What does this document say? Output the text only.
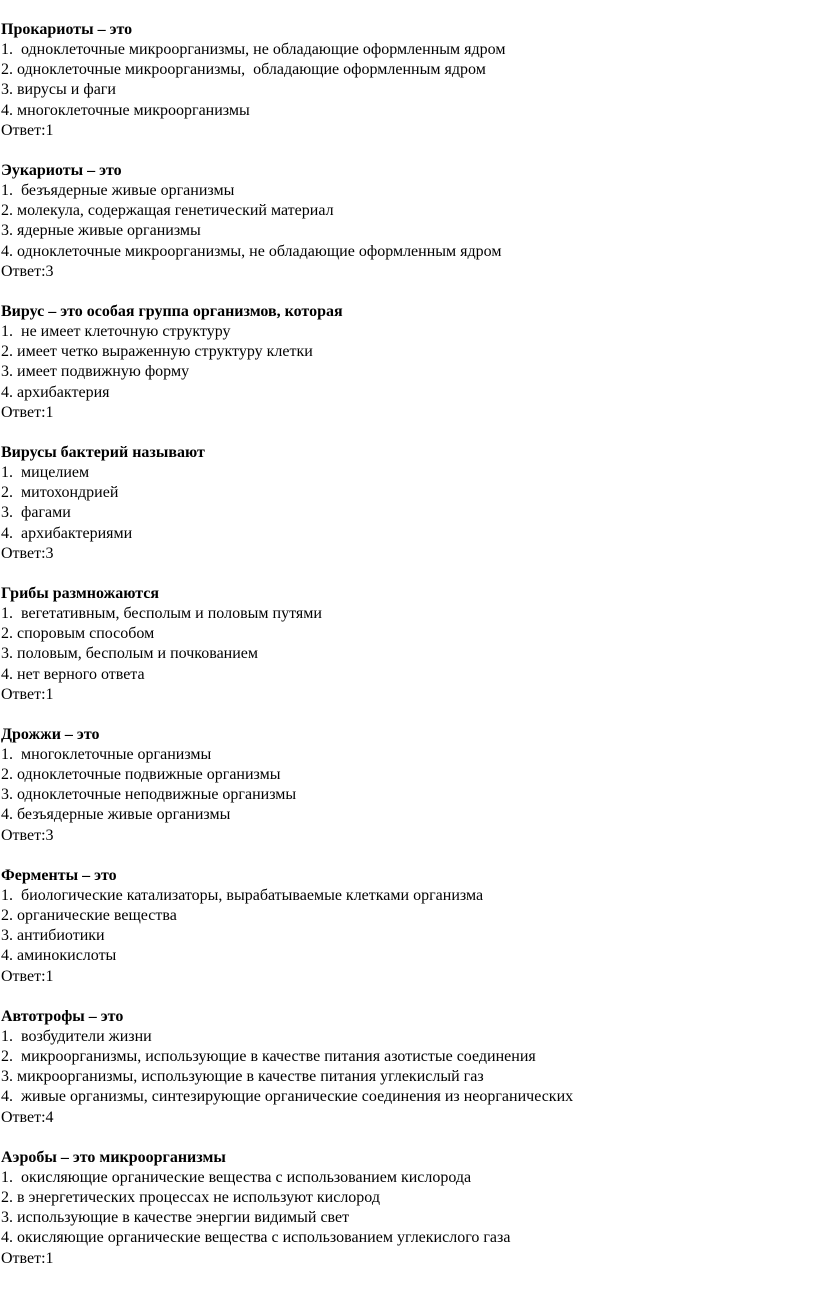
Прокариоты – это
1.  одноклеточные микроорганизмы, не обладающие оформленным ядром
2. одноклеточные микроорганизмы,  обладающие оформленным ядром
3. вирусы и фаги
4. многоклеточные микроорганизмы
Ответ:1
Эукариоты – это
1.  безъядерные живые организмы
2. молекула, содержащая генетический материал
3. ядерные живые организмы
4. одноклеточные микроорганизмы, не обладающие оформленным ядром
Ответ:3
Вирус – это особая группа организмов, которая
1.  не имеет клеточную структуру
2. имеет четко выраженную структуру клетки
3. имеет подвижную форму
4. архибактерия
Ответ:1
Вирусы бактерий называют
1.  мицелием
2.  митохондрией
3.  фагами
4.  архибактериями
Ответ:3
Грибы размножаются
1.  вегетативным, бесполым и половым путями
2. споровым способом
3. половым, бесполым и почкованием
4. нет верного ответа
Ответ:1
Дрожжи – это
1.  многоклеточные организмы
2. одноклеточные подвижные организмы
3. одноклеточные неподвижные организмы
4. безъядерные живые организмы
Ответ:3
Ферменты – это
1.  биологические катализаторы, вырабатываемые клетками организма
2. органические вещества
3. антибиотики
4. аминокислоты
Ответ:1
Автотрофы – это
1.  возбудители жизни
2.  микроорганизмы, использующие в качестве питания азотистые соединения
3. микроорганизмы, использующие в качестве питания углекислый газ
4.  живые организмы, синтезирующие органические соединения из неорганических
Ответ:4
Аэробы – это микроорганизмы
1.  окисляющие органические вещества с использованием кислорода
2. в энергетических процессах не используют кислород
3. использующие в качестве энергии видимый свет
4. окисляющие органические вещества с использованием углекислого газа
Ответ:1
